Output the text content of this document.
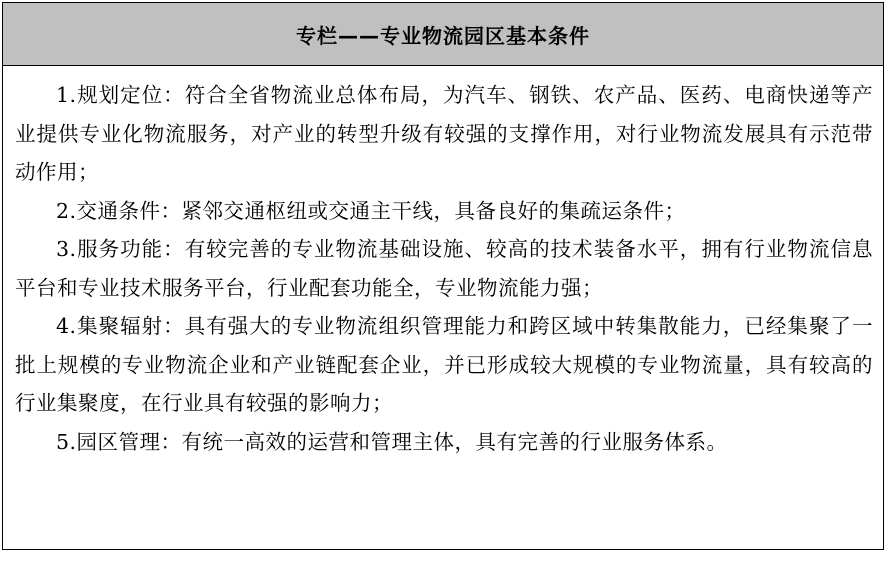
专栏——专业物流园区基本条件

1.规划定位：符合全省物流业总体布局，为汽车、钢铁、农产品、医药、电商快递等产业提供专业化物流服务，对产业的转型升级有较强的支撑作用，对行业物流发展具有示范带动作用；

2.交通条件：紧邻交通枢纽或交通主干线，具备良好的集疏运条件；

3.服务功能：有较完善的专业物流基础设施、较高的技术装备水平，拥有行业物流信息平台和专业技术服务平台，行业配套功能全，专业物流能力强；

4.集聚辐射：具有强大的专业物流组织管理能力和跨区域中转集散能力，已经集聚了一批上规模的专业物流企业和产业链配套企业，并已形成较大规模的专业物流量，具有较高的行业集聚度，在行业具有较强的影响力；

5.园区管理：有统一高效的运营和管理主体，具有完善的行业服务体系。
